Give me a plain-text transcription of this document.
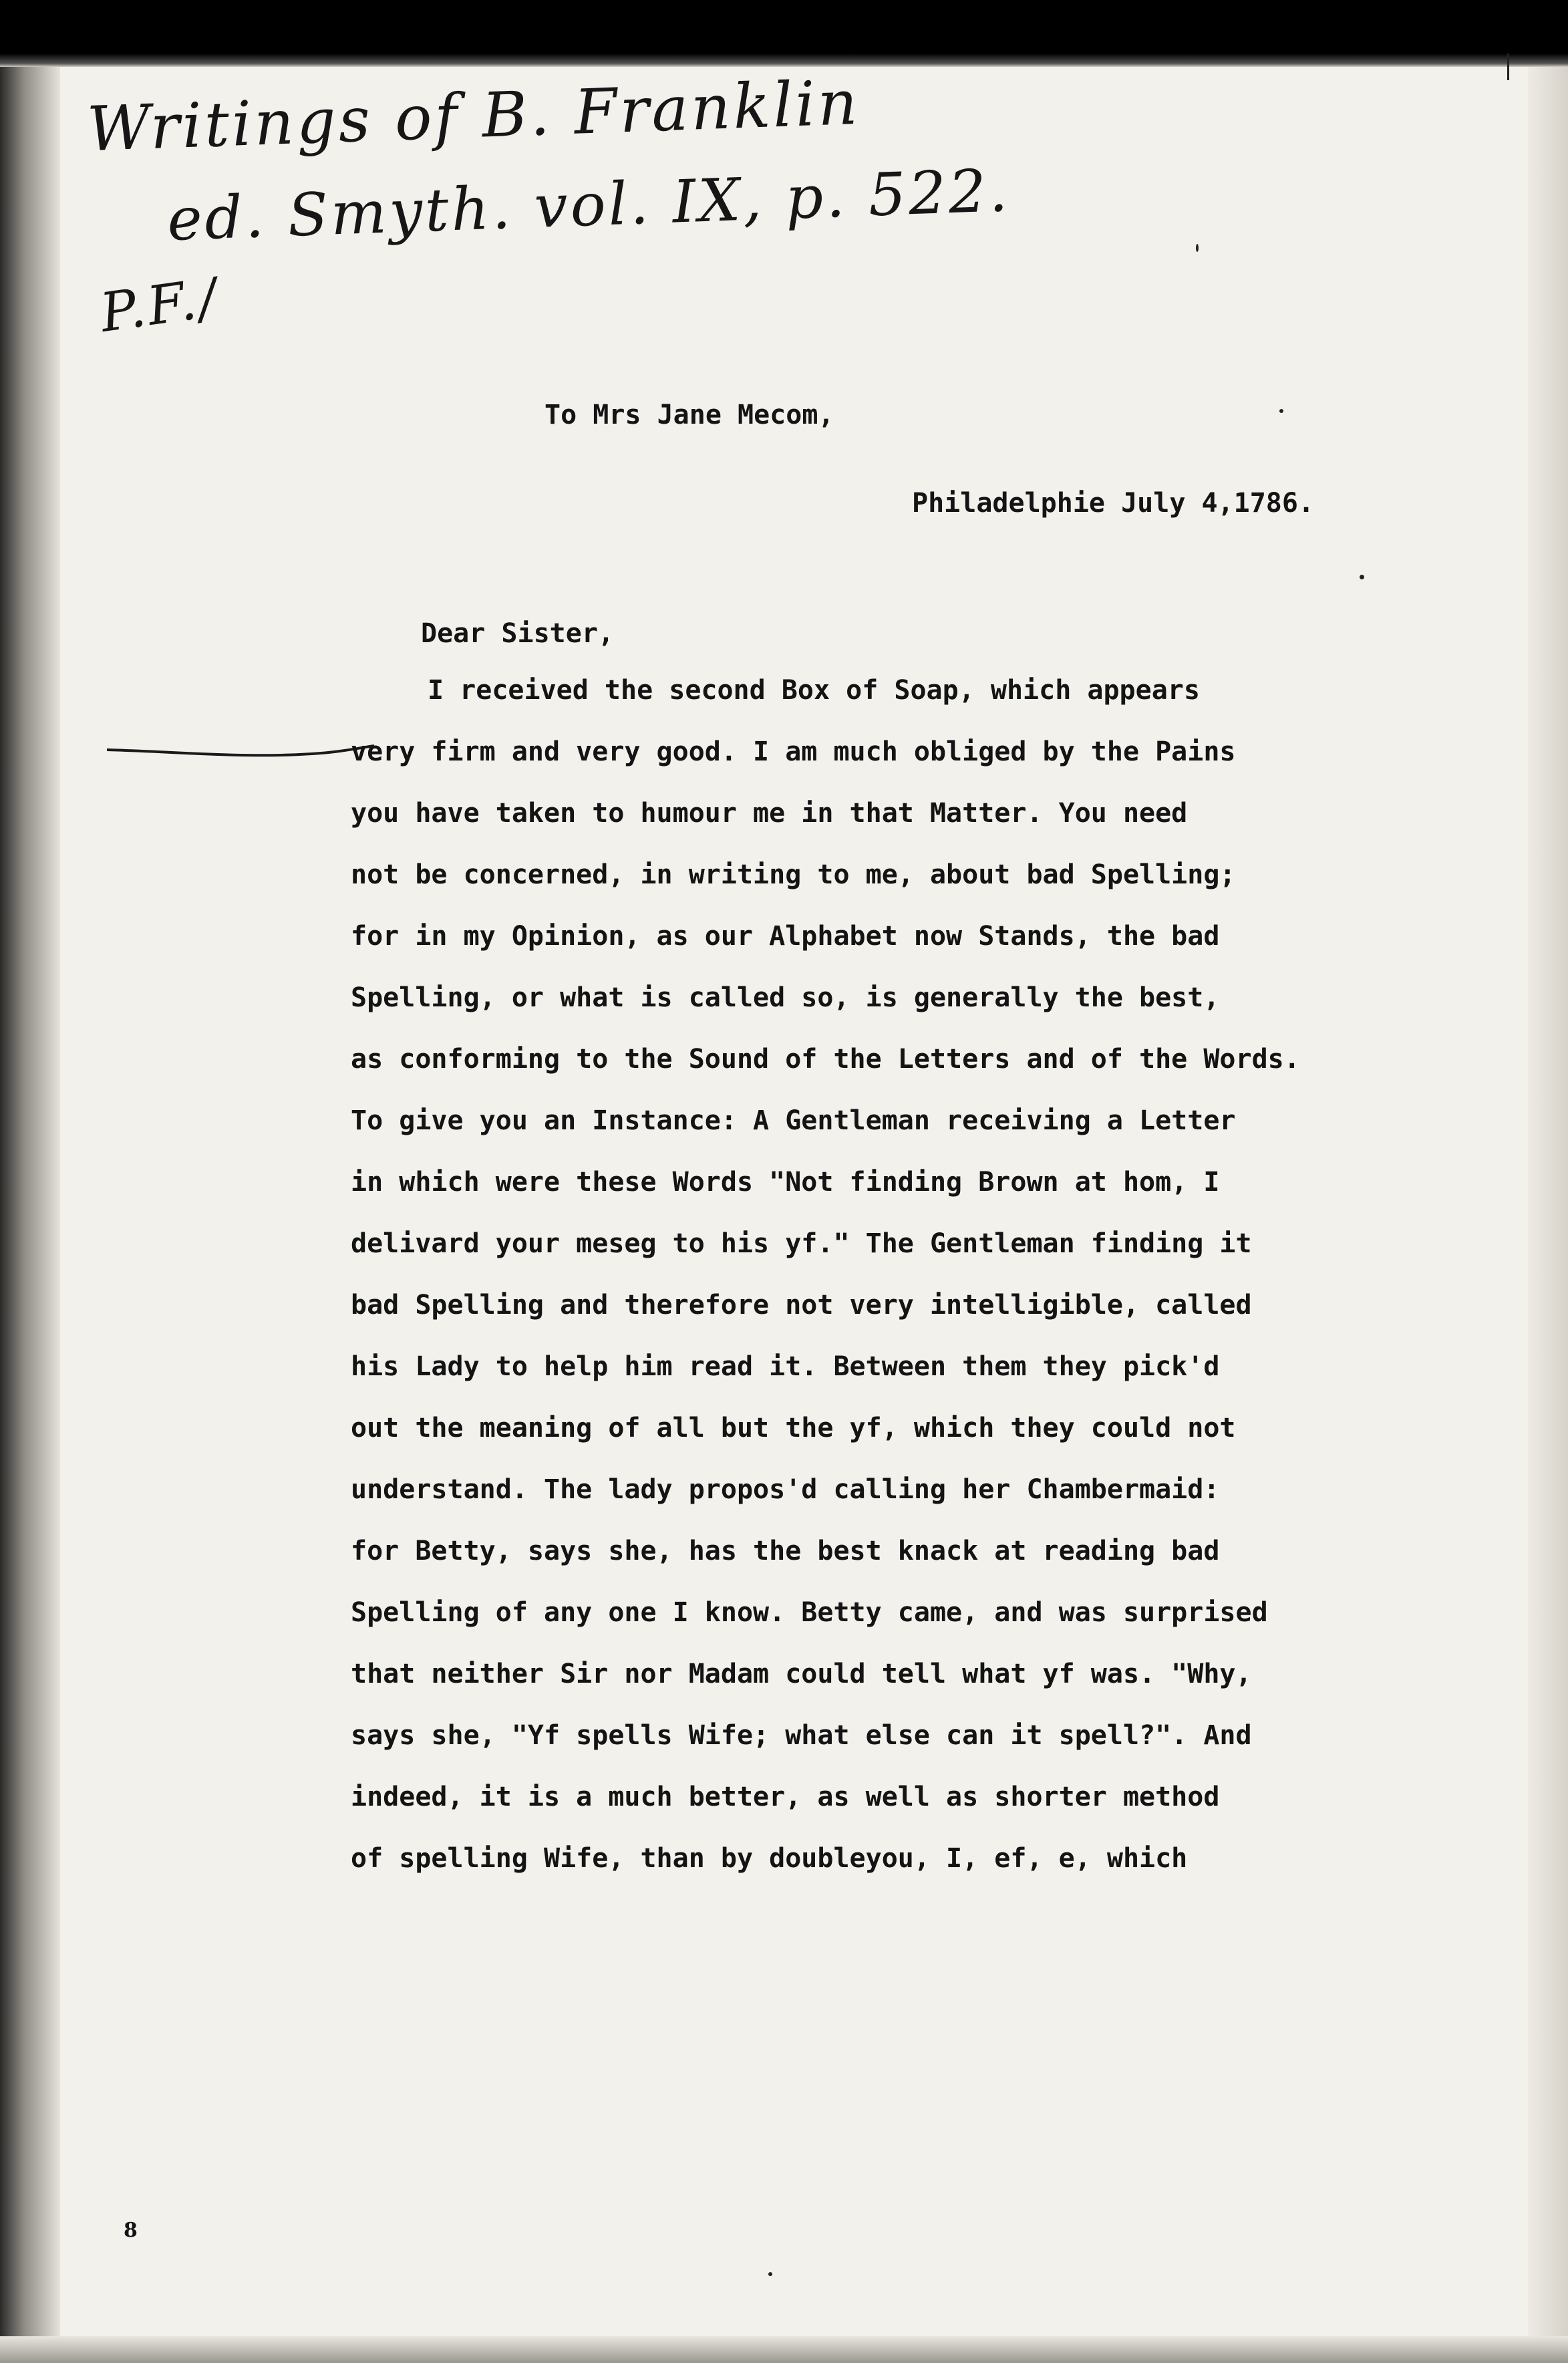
Writings of B. Franklin
ed. Smyth. vol. IX, p. 522.
P.F./
To Mrs Jane Mecom,
Philadelphie July 4,1786.
Dear Sister,
I received the second Box of Soap, which appears
very firm and very good. I am much obliged by the Pains
you have taken to humour me in that Matter. You need
not be concerned, in writing to me, about bad Spelling;
for in my Opinion, as our Alphabet now Stands, the bad
Spelling, or what is called so, is generally the best,
as conforming to the Sound of the Letters and of the Words.
To give you an Instance: A Gentleman receiving a Letter
in which were these Words "Not finding Brown at hom, I
delivard your meseg to his yf." The Gentleman finding it
bad Spelling and therefore not very intelligible, called
his Lady to help him read it. Between them they pick'd
out the meaning of all but the yf, which they could not
understand. The lady propos'd calling her Chambermaid:
for Betty, says she, has the best knack at reading bad
Spelling of any one I know. Betty came, and was surprised
that neither Sir nor Madam could tell what yf was. "Why,
says she, "Yf spells Wife; what else can it spell?". And
indeed, it is a much better, as well as shorter method
of spelling Wife, than by doubleyou, I, ef, e, which
8
